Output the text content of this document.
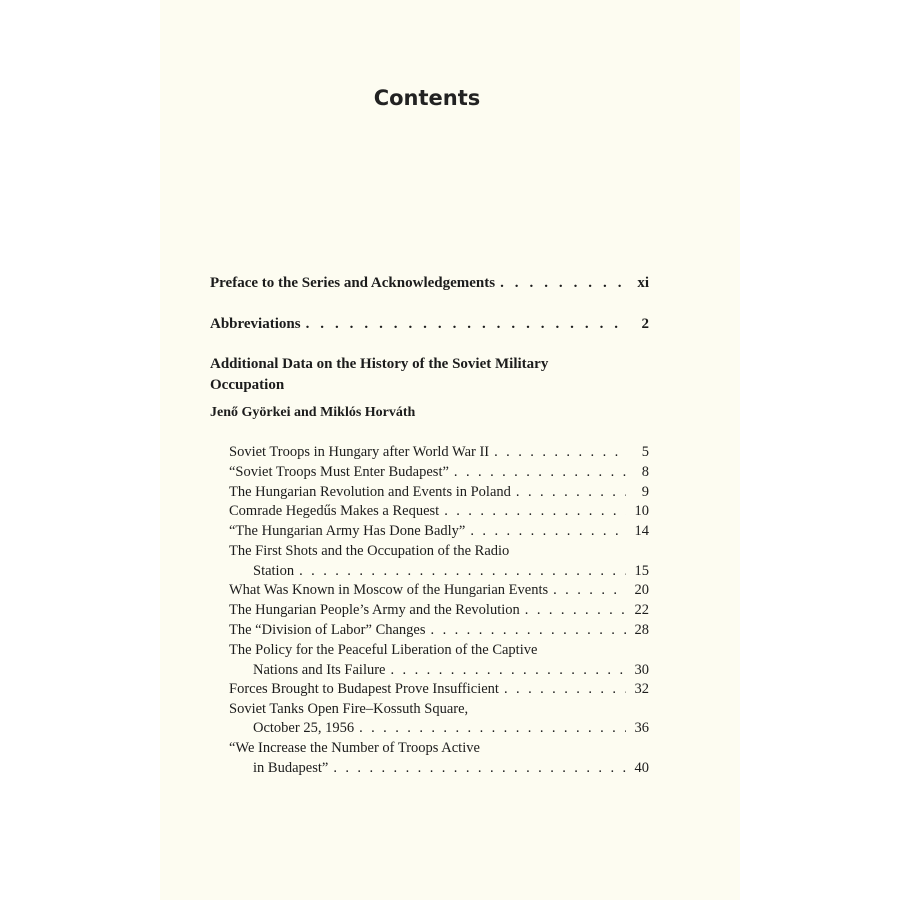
Contents
Preface to the Series and Acknowledgements . . .	xi
Abbreviations . . .	2
Additional Data on the History of the Soviet Military
Occupation
Jenő Györkei and Miklós Horváth
Soviet Troops in Hungary after World War II . . .	5
“Soviet Troops Must Enter Budapest” . . .	8
The Hungarian Revolution and Events in Poland . . .	9
Comrade Hegedűs Makes a Request . . .	10
“The Hungarian Army Has Done Badly” . . .	14
The First Shots and the Occupation of the Radio
Station . . .	15
What Was Known in Moscow of the Hungarian Events . . .	20
The Hungarian People’s Army and the Revolution . . .	22
The “Division of Labor” Changes . . .	28
The Policy for the Peaceful Liberation of the Captive
Nations and Its Failure . . .	30
Forces Brought to Budapest Prove Insufficient . . .	32
Soviet Tanks Open Fire–Kossuth Square,
October 25, 1956 . . .	36
“We Increase the Number of Troops Active
in Budapest” . . .	40
